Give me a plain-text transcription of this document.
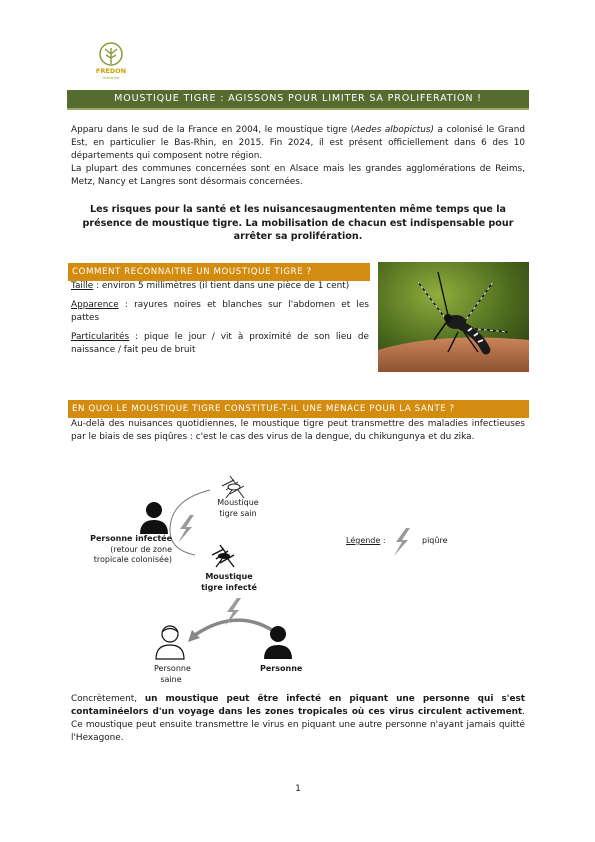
FREDON
Grand Est
MOUSTIQUE TIGRE : AGISSONS POUR LIMITER SA PROLIFERATION !
Apparu dans le sud de la France en 2004, le moustique tigre (Aedes albopictus) a colonisé le Grand Est, en particulier le Bas-Rhin, en 2015. Fin 2024, il est présent officiellement dans 6 des 10 départements qui composent notre région.
La plupart des communes concernées sont en Alsace mais les grandes agglomérations de Reims, Metz, Nancy et Langres sont désormais concernées.
Les risques pour la santé et les nuisancesaugmententen même temps que la présence de moustique tigre. La mobilisation de chacun est indispensable pour arrêter sa prolifération.
COMMENT RECONNAITRE UN MOUSTIQUE TIGRE ?

Taille : environ 5 millimètres (il tient dans une pièce de 1 cent)

Apparence : rayures noires et blanches sur l'abdomen et les pattes

Particularités : pique le jour / vit à proximité de son lieu de naissance / fait peu de bruit

EN QUOI LE MOUSTIQUE TIGRE CONSTITUE-T-IL UNE MENACE POUR LA SANTE ?
Au-delà des nuisances quotidiennes, le moustique tigre peut transmettre des maladies infectieuses par le biais de ses piqûres : c'est le cas des virus de la dengue, du chikungunya et du zika.
Moustique tigre sain
Personne infectée (retour de zone tropicale colonisée)
Moustique tigre infecté
Personne saine
Personne
Légende :	piqûre
Concrètement, un moustique peut être infecté en piquant une personne qui s'est contaminéelors d'un voyage dans les zones tropicales où ces virus circulent activement. Ce moustique peut ensuite transmettre le virus en piquant une autre personne n'ayant jamais quitté l'Hexagone.
1
